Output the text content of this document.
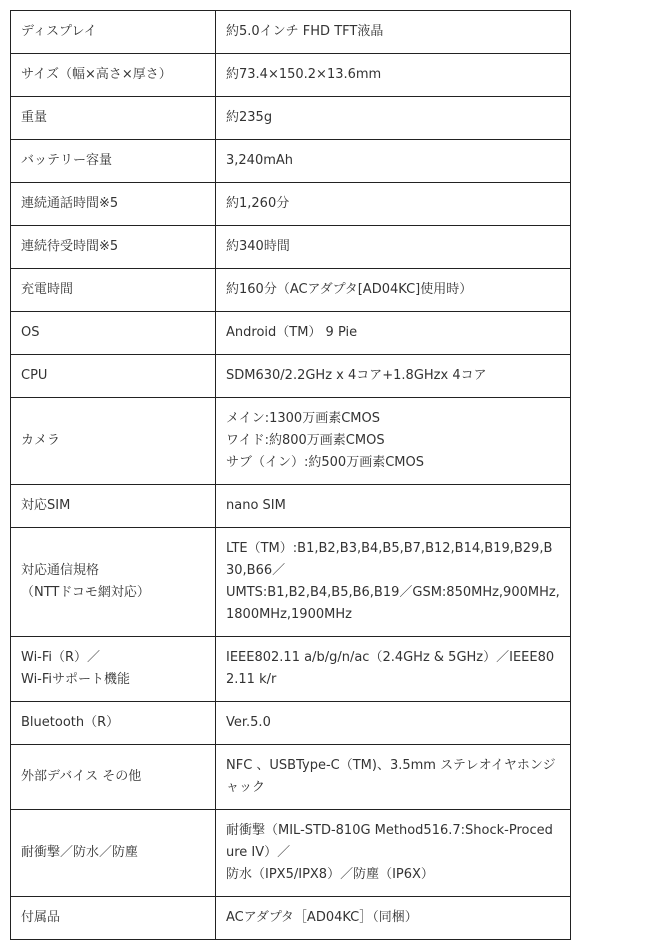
ディスプレイ	約5.0インチ FHD TFT液晶

サイズ（幅×高さ×厚さ）	約73.4×150.2×13.6mm

重量	約235g

バッテリー容量	3,240mAh

連続通話時間※5	約1,260分

連続待受時間※5	約340時間

充電時間	約160分（ACアダプタ[AD04KC]使用時）

OS	Android（TM） 9 Pie

CPU	SDM630/2.2GHz x 4コア+1.8GHzx 4コア

カメラ	メイン:1300万画素CMOS
ワイド:約800万画素CMOS
サブ（イン）:約500万画素CMOS

対応SIM	nano SIM

対応通信規格
（NTTドコモ網対応）	LTE（TM）:B1,B2,B3,B4,B5,B7,B12,B14,B19,B29,B30,B66／
UMTS:B1,B2,B4,B5,B6,B19／GSM:850MHz,900MHz,1800MHz,1900MHz

Wi-Fi（R）／
Wi-Fiサポート機能	IEEE802.11 a/b/g/n/ac（2.4GHz & 5GHz）／IEEE802.11 k/r

Bluetooth（R）	Ver.5.0

外部デバイス その他	NFC 、USBType-C（TM)、3.5mm ステレオイヤホンジャック

耐衝撃／防水／防塵	耐衝撃（MIL-STD-810G Method516.7:Shock-Procedure IV）／
防水（IPX5/IPX8）／防塵（IP6X）

付属品	ACアダプタ［AD04KC］（同梱）
